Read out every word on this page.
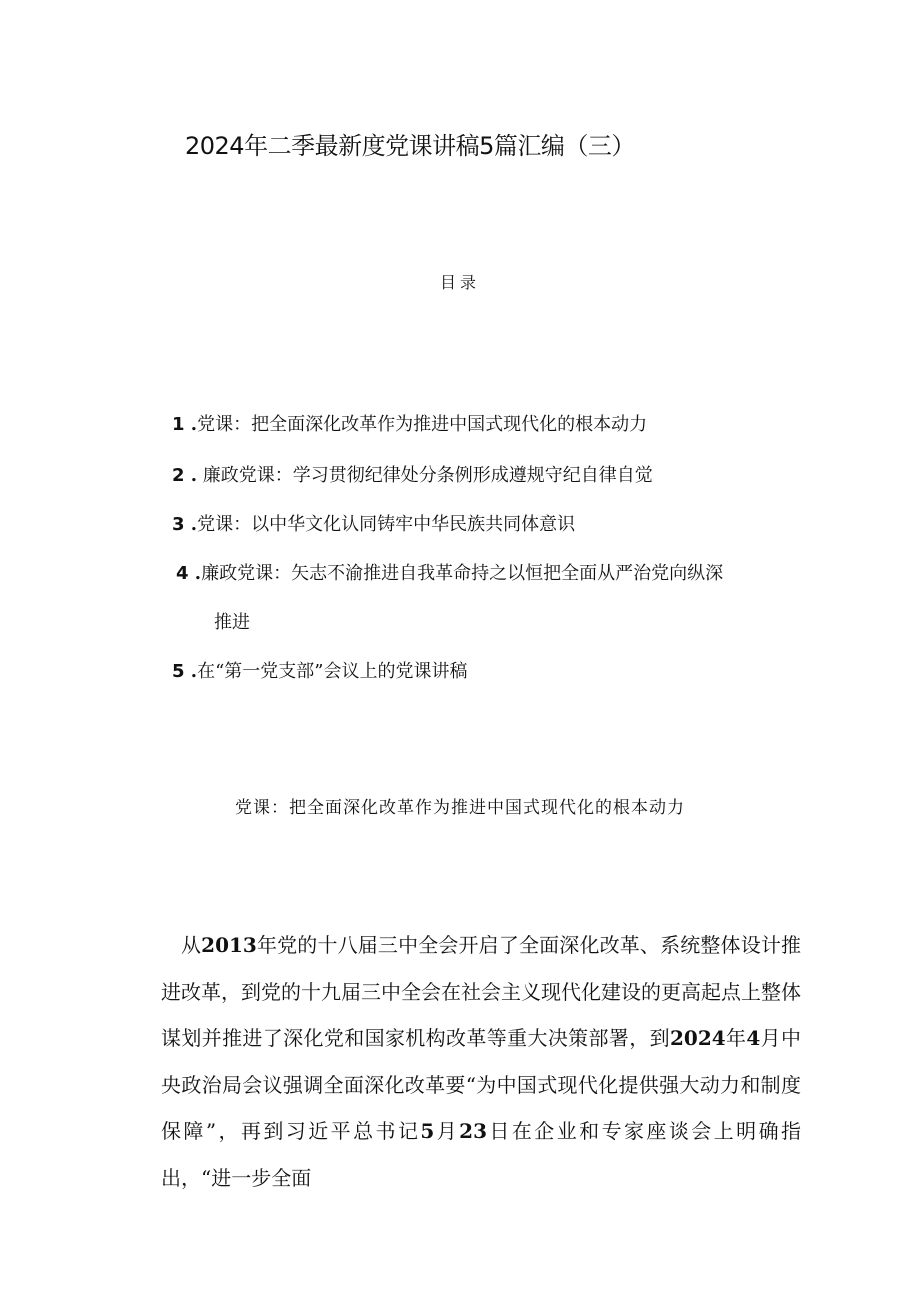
2024年二季最新度党课讲稿5篇汇编（三）
目录
1 .党课：把全面深化改革作为推进中国式现代化的根本动力
2 . 廉政党课：学习贯彻纪律处分条例形成遵规守纪自律自觉
3 .党课：以中华文化认同铸牢中华民族共同体意识
4 .廉政党课：矢志不渝推进自我革命持之以恒把全面从严治党向纵深
推进
5 .在“第一党支部”会议上的党课讲稿
党课：把全面深化改革作为推进中国式现代化的根本动力

从2013年党的十八届三中全会开启了全面深化改革、系统整体设计推进改革，到党的十九届三中全会在社会主义现代化建设的更高起点上整体谋划并推进了深化党和国家机构改革等重大决策部署，到2024年4月中央政治局会议强调全面深化改革要“为中国式现代化提供强大动力和制度保障”，再到习近平总书记5月23日在企业和专家座谈会上明确指出，“进一步全面
